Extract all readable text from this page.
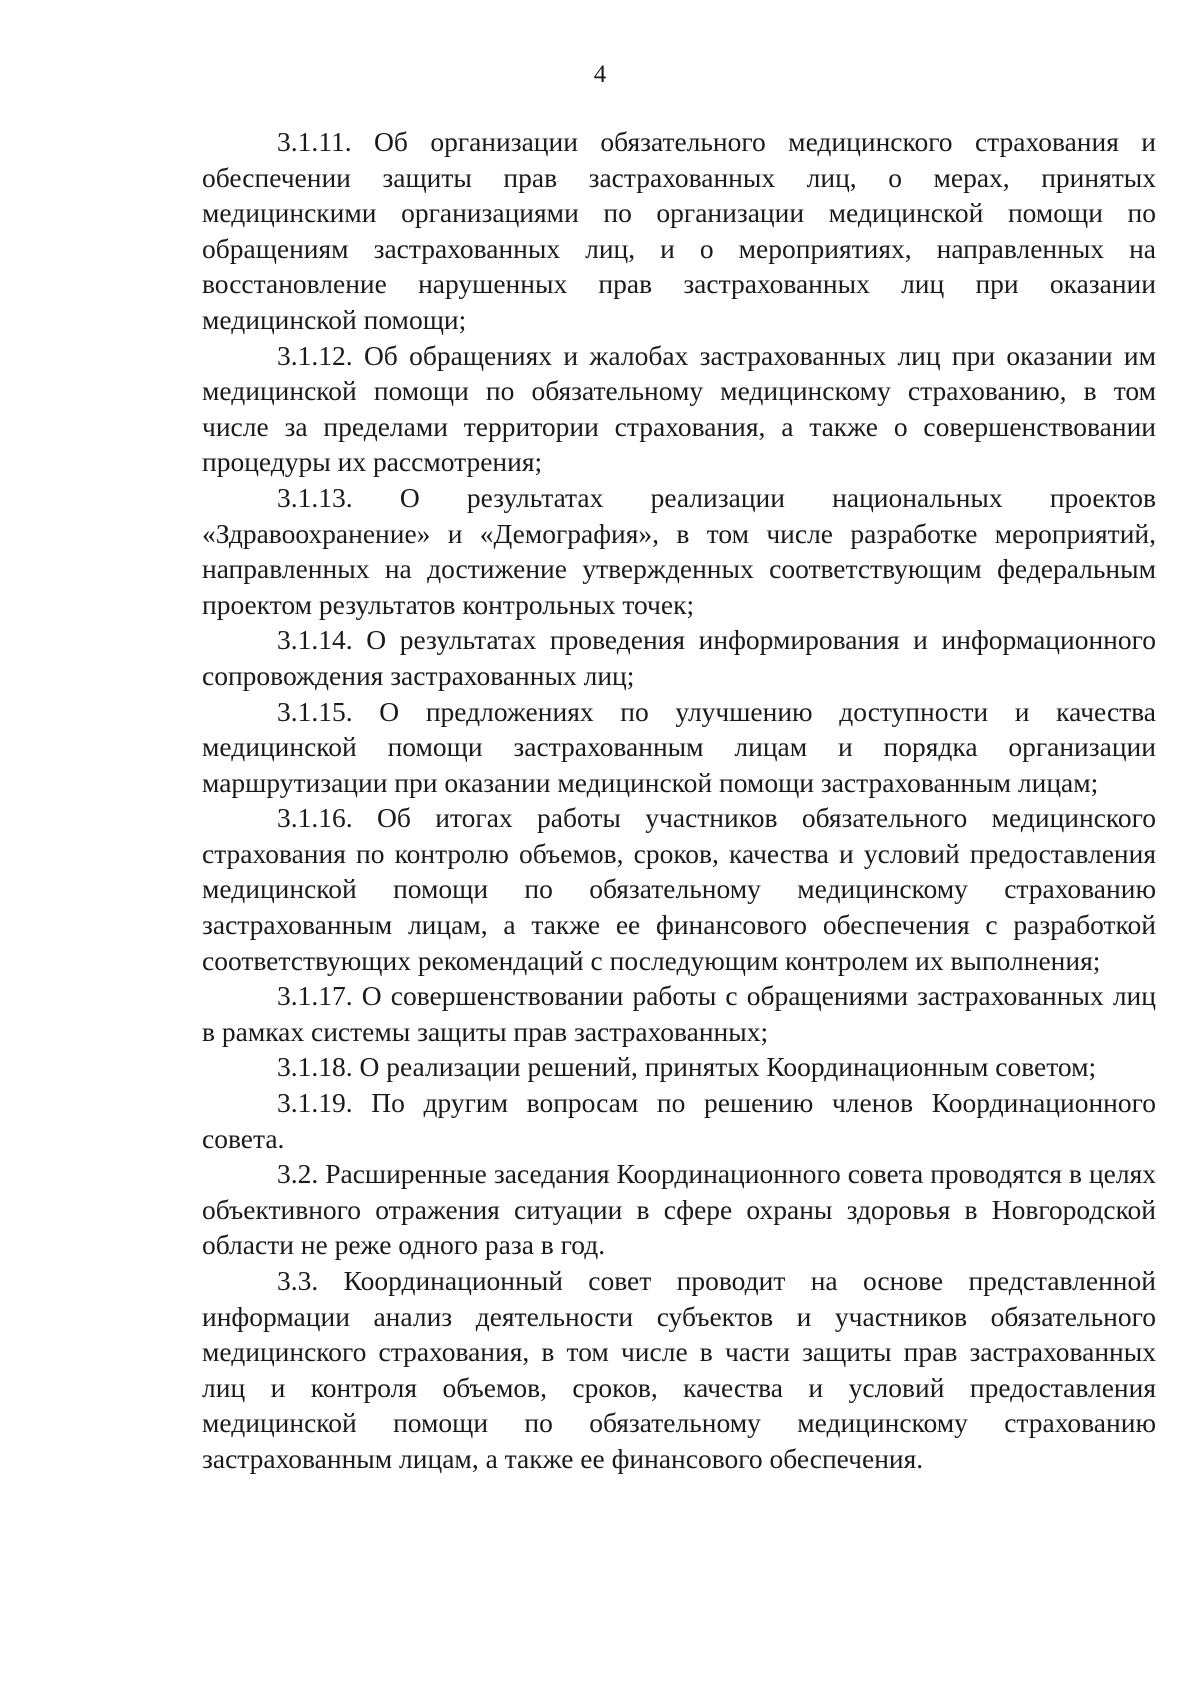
4

3.1.11. Об организации обязательного медицинского страхования и обеспечении защиты прав застрахованных лиц, о мерах, принятых медицинскими организациями по организации медицинской помощи по обращениям застрахованных лиц, и о мероприятиях, направленных на восстановление нарушенных прав застрахованных лиц при оказании медицинской помощи;

3.1.12. Об обращениях и жалобах застрахованных лиц при оказании им медицинской помощи по обязательному медицинскому страхованию, в том числе за пределами территории страхования, а также о совершенствовании процедуры их рассмотрения;

3.1.13. О результатах реализации национальных проектов «Здравоохранение» и «Демография», в том числе разработке мероприятий, направленных на достижение утвержденных соответствующим федеральным проектом результатов контрольных точек;

3.1.14. О результатах проведения информирования и информационного сопровождения застрахованных лиц;

3.1.15. О предложениях по улучшению доступности и качества медицинской помощи застрахованным лицам и порядка организации маршрутизации при оказании медицинской помощи застрахованным лицам;

3.1.16. Об итогах работы участников обязательного медицинского страхования по контролю объемов, сроков, качества и условий предоставления медицинской помощи по обязательному медицинскому страхованию застрахованным лицам, а также ее финансового обеспечения с разработкой соответствующих рекомендаций с последующим контролем их выполнения;

3.1.17. О совершенствовании работы с обращениями застрахованных лиц в рамках системы защиты прав застрахованных;

3.1.18. О реализации решений, принятых Координационным советом;

3.1.19. По другим вопросам по решению членов Координационного совета.

3.2. Расширенные заседания Координационного совета проводятся в целях объективного отражения ситуации в сфере охраны здоровья в Новгородской области не реже одного раза в год.

3.3. Координационный совет проводит на основе представленной информации анализ деятельности субъектов и участников обязательного медицинского страхования, в том числе в части защиты прав застрахованных лиц и контроля объемов, сроков, качества и условий предоставления медицинской помощи по обязательному медицинскому страхованию застрахованным лицам, а также ее финансового обеспечения.
